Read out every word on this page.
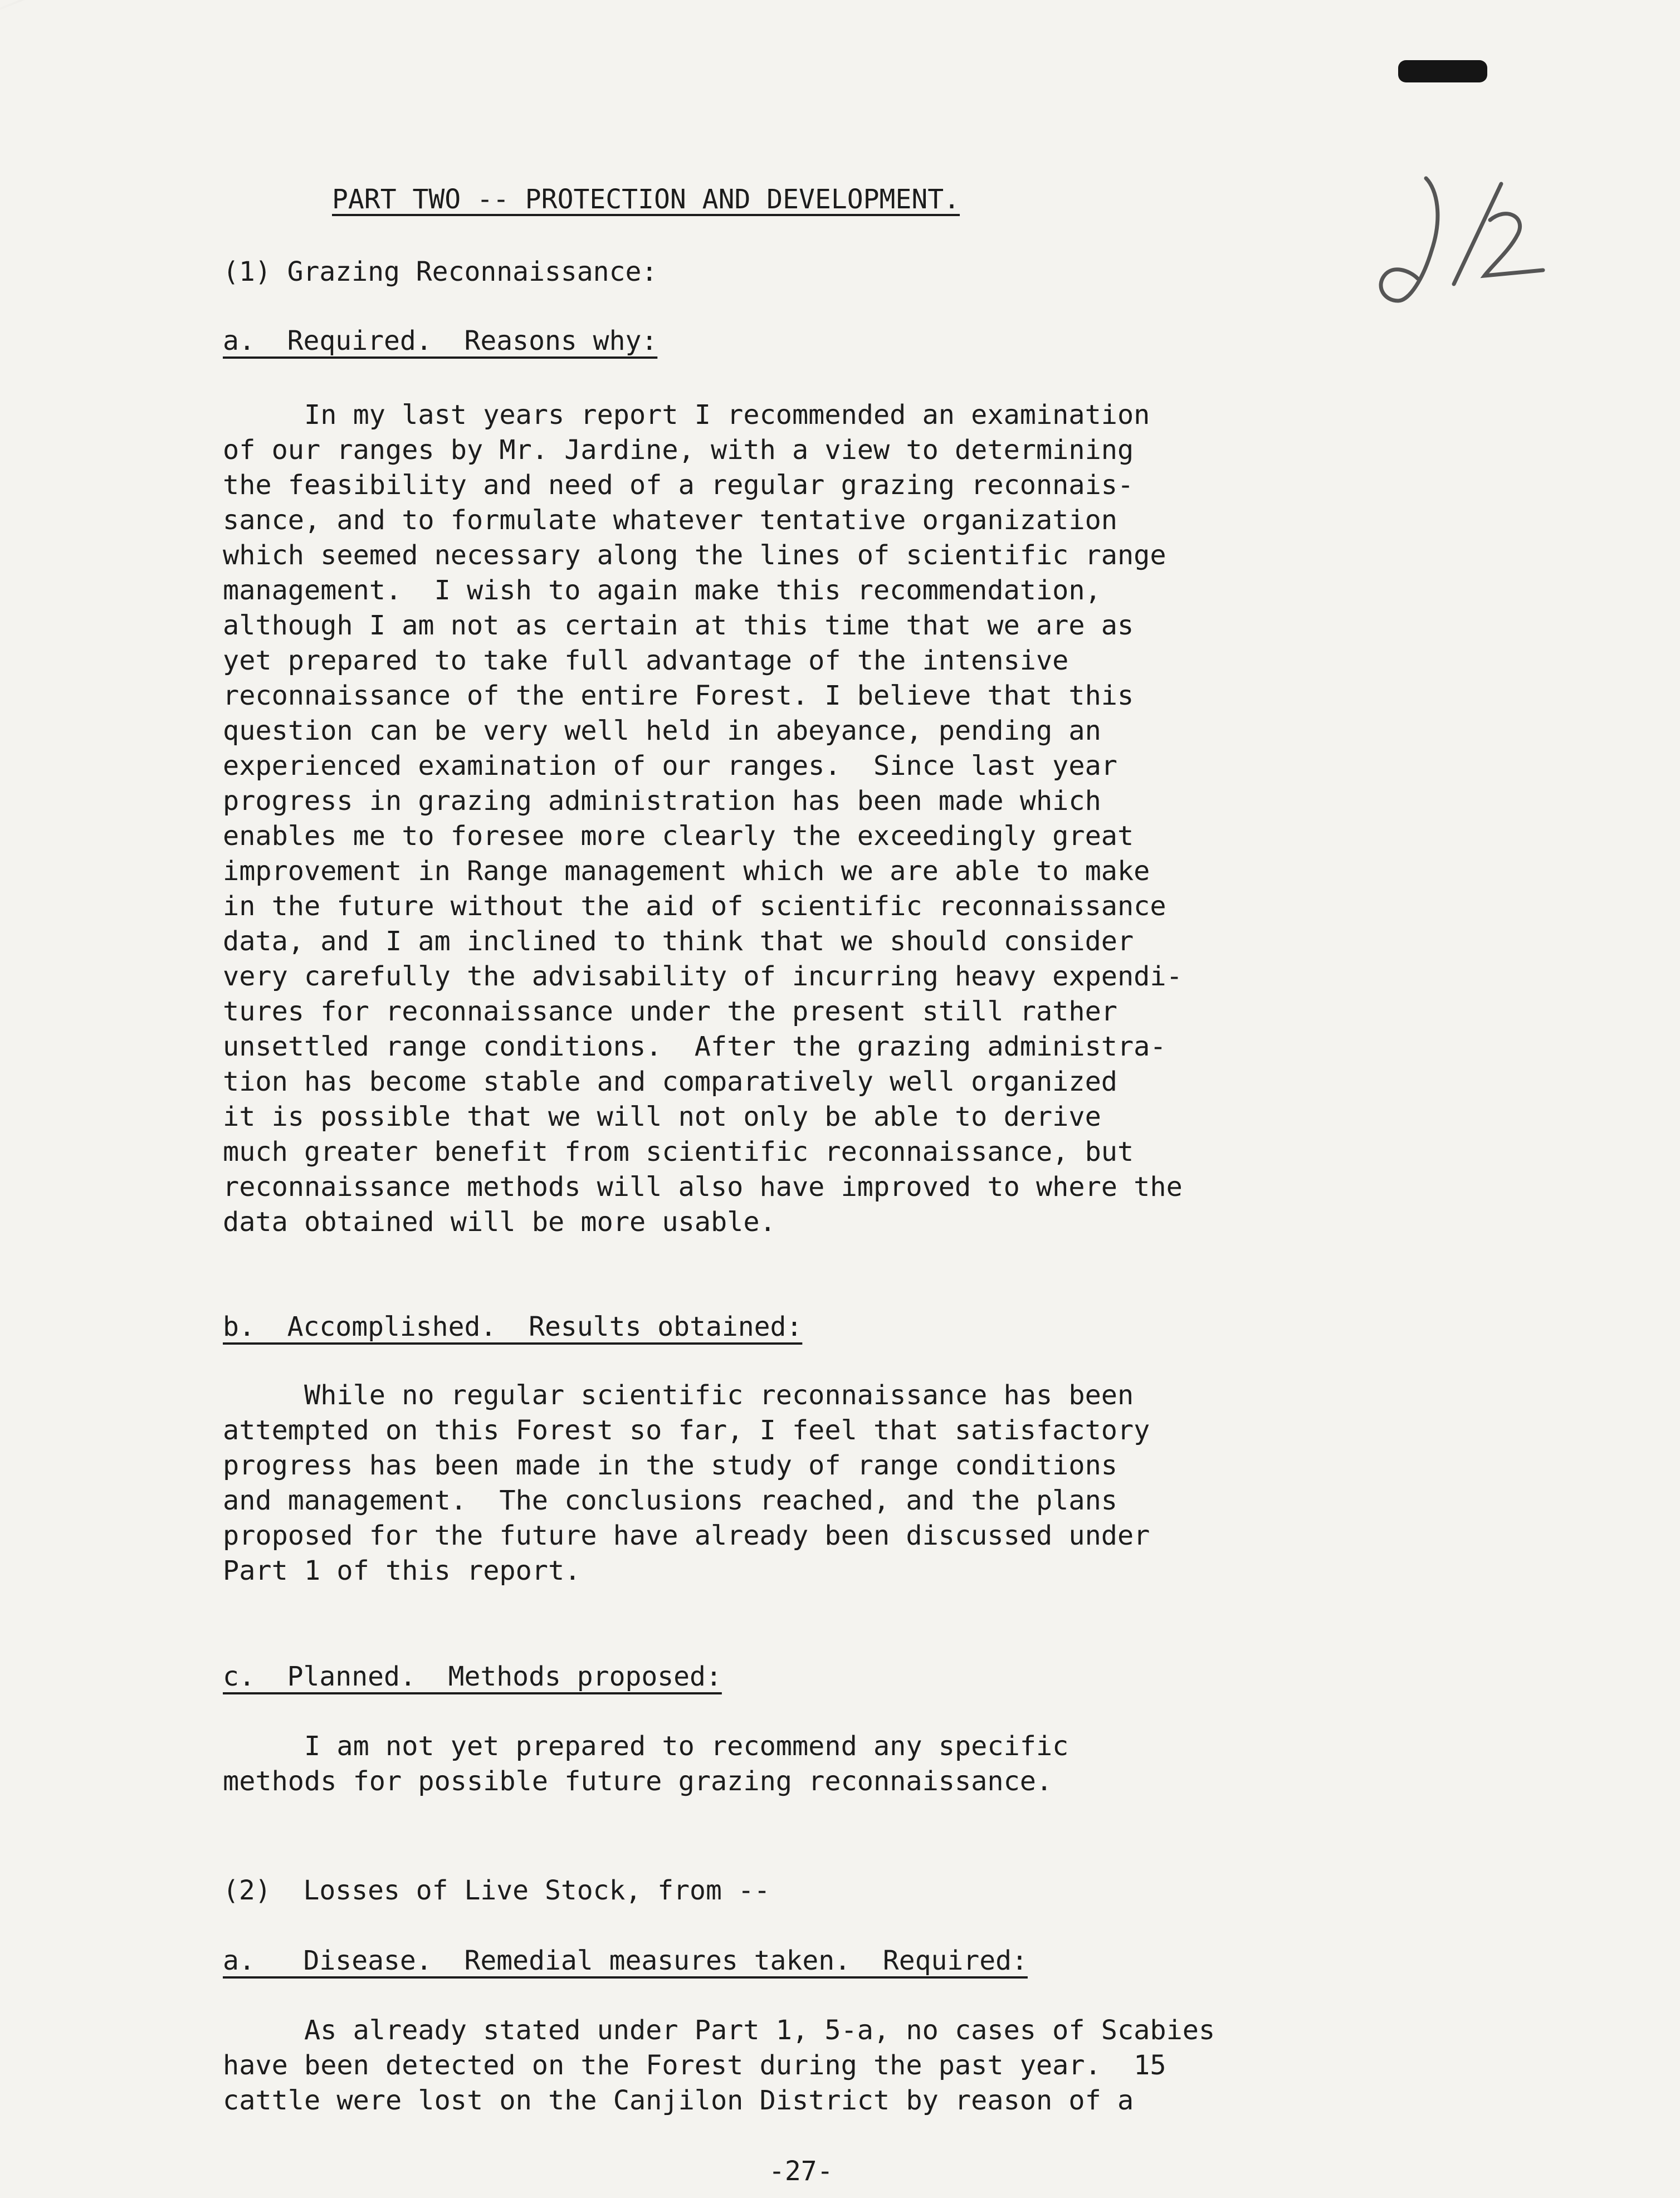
PART TWO -- PROTECTION AND DEVELOPMENT.
(1) Grazing Reconnaissance:
a.  Required.  Reasons why:
In my last years report I recommended an examination
of our ranges by Mr. Jardine, with a view to determining
the feasibility and need of a regular grazing reconnais-
sance, and to formulate whatever tentative organization
which seemed necessary along the lines of scientific range
management.  I wish to again make this recommendation,
although I am not as certain at this time that we are as
yet prepared to take full advantage of the intensive
reconnaissance of the entire Forest. I believe that this
question can be very well held in abeyance, pending an
experienced examination of our ranges.  Since last year
progress in grazing administration has been made which
enables me to foresee more clearly the exceedingly great
improvement in Range management which we are able to make
in the future without the aid of scientific reconnaissance
data, and I am inclined to think that we should consider
very carefully the advisability of incurring heavy expendi-
tures for reconnaissance under the present still rather
unsettled range conditions.  After the grazing administra-
tion has become stable and comparatively well organized
it is possible that we will not only be able to derive
much greater benefit from scientific reconnaissance, but
reconnaissance methods will also have improved to where the
data obtained will be more usable.
b.  Accomplished.  Results obtained:
While no regular scientific reconnaissance has been
attempted on this Forest so far, I feel that satisfactory
progress has been made in the study of range conditions
and management.  The conclusions reached, and the plans
proposed for the future have already been discussed under
Part 1 of this report.
c.  Planned.  Methods proposed:
I am not yet prepared to recommend any specific
methods for possible future grazing reconnaissance.
(2)  Losses of Live Stock, from --
a.   Disease.  Remedial measures taken.  Required:
As already stated under Part 1, 5-a, no cases of Scabies
have been detected on the Forest during the past year.  15
cattle were lost on the Canjilon District by reason of a
-27-
